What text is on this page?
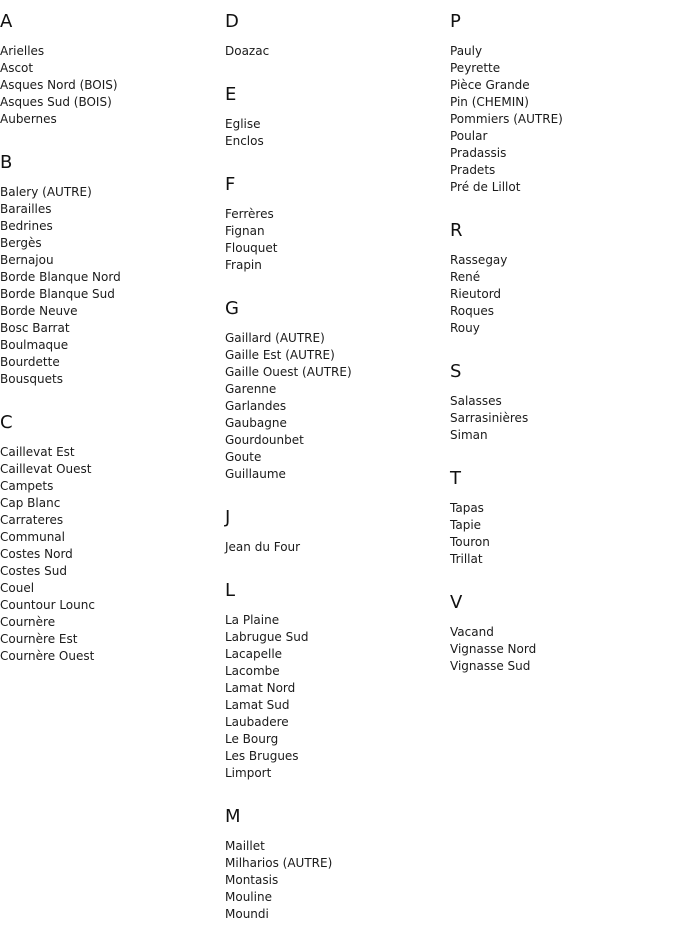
A
Arielles
Ascot
Asques Nord (BOIS)
Asques Sud (BOIS)
Aubernes
B
Balery (AUTRE)
Barailles
Bedrines
Bergès
Bernajou
Borde Blanque Nord
Borde Blanque Sud
Borde Neuve
Bosc Barrat
Boulmaque
Bourdette
Bousquets
C
Caillevat Est
Caillevat Ouest
Campets
Cap Blanc
Carrateres
Communal
Costes Nord
Costes Sud
Couel
Countour Lounc
Cournère
Cournère Est
Cournère Ouest
D
Doazac
E
Eglise
Enclos
F
Ferrères
Fignan
Flouquet
Frapin
G
Gaillard (AUTRE)
Gaille Est (AUTRE)
Gaille Ouest (AUTRE)
Garenne
Garlandes
Gaubagne
Gourdounbet
Goute
Guillaume
J
Jean du Four
L
La Plaine
Labrugue Sud
Lacapelle
Lacombe
Lamat Nord
Lamat Sud
Laubadere
Le Bourg
Les Brugues
Limport
M
Maillet
Milharios (AUTRE)
Montasis
Mouline
Moundi
P
Pauly
Peyrette
Pièce Grande
Pin (CHEMIN)
Pommiers (AUTRE)
Poular
Pradassis
Pradets
Pré de Lillot
R
Rassegay
René
Rieutord
Roques
Rouy
S
Salasses
Sarrasinières
Siman
T
Tapas
Tapie
Touron
Trillat
V
Vacand
Vignasse Nord
Vignasse Sud
